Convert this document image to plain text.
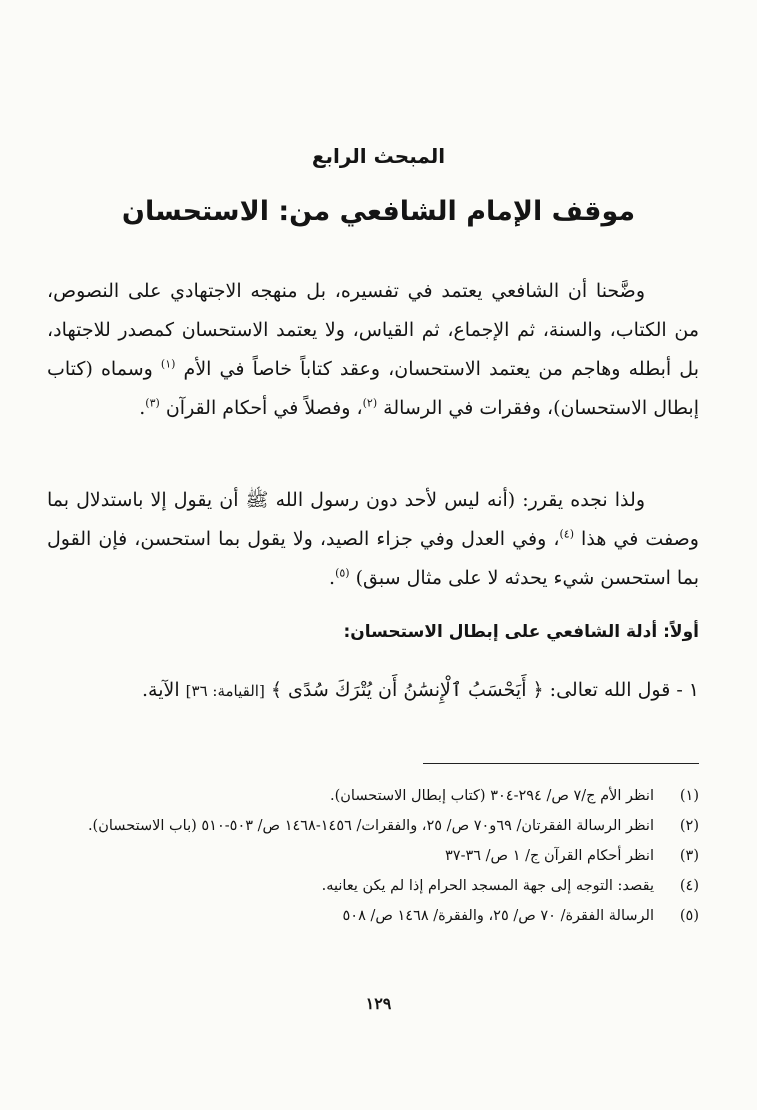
المبحث الرابع
موقف الإمام الشافعي من: الاستحسان

وضَّحنا أن الشافعي يعتمد في تفسيره، بل منهجه الاجتهادي على النصوص، من الكتاب، والسنة، ثم الإجماع، ثم القياس، ولا يعتمد الاستحسان كمصدر للاجتهاد، بل أبطله وهاجم من يعتمد الاستحسان، وعقد كتاباً خاصاً في الأم $^{(١)}$ وسماه (كتاب إبطال الاستحسان)، وفقرات في الرسالة $^{(٢)}$، وفصلاً في أحكام القرآن $^{(٣)}$.

ولذا نجده يقرر: (أنه ليس لأحد دون رسول الله ﷺ أن يقول إلا باستدلال بما وصفت في هذا $^{(٤)}$، وفي العدل وفي جزاء الصيد، ولا يقول بما استحسن، فإن القول بما استحسن شيء يحدثه لا على مثال سبق) $^{(٥)}$.

أولاً: أدلة الشافعي على إبطال الاستحسان:
١ - قول الله تعالى: ﴿ أَيَحْسَبُ ٱلْإِنسَٰنُ أَن يُتْرَكَ سُدًى ﴾ [القيامة: ٣٦] الآية.
(١)
انظر الأم ج/٧ ص/ ٢٩٤-٣٠٤ (كتاب إبطال الاستحسان).
(٢)
انظر الرسالة الفقرتان/ ٦٩و٧٠ ص/ ٢٥، والفقرات/ ١٤٥٦-١٤٦٨ ص/ ٥٠٣-٥١٠ (باب الاستحسان).
(٣)
انظر أحكام القرآن ج/ ١ ص/ ٣٦-٣٧
(٤)
يقصد: التوجه إلى جهة المسجد الحرام إذا لم يكن يعانيه.
(٥)
الرسالة الفقرة/ ٧٠ ص/ ٢٥، والفقرة/ ١٤٦٨ ص/ ٥٠٨
١٢٩
